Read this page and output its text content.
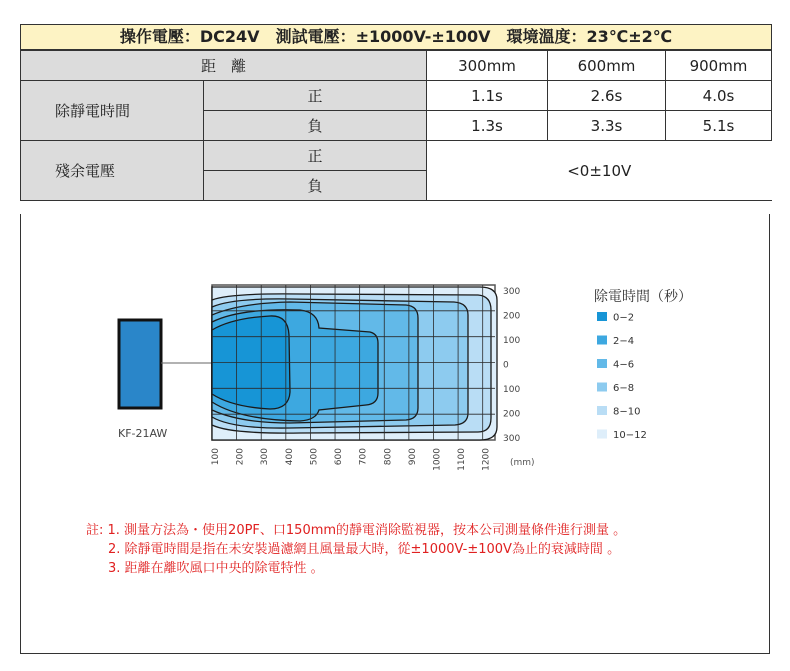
操作電壓：DC24V　測試電壓：±1000V-±100V　環境溫度：23℃±2℃
距　離		300mm	600mm	900mm
除靜電時間	正	1.1s	2.6s	4.0s
	負	1.3s	3.3s	5.1s
殘余電壓	正	<0±10V		
	負			
KF-21AW
300
200
100
0
100
200
300
100 200 300 400 500 600 700 800 900 1000 1100 1200 (mm)
除電時間（秒）
0−2
2−4
4−6
6−8
8−10
10−12
註: 1. 測量方法為・使用20PF、口150mm的靜電消除監視器，按本公司測量條件進行測量 。
2. 除靜電時間是指在未安裝過濾網且風量最大時，從±1000V-±100V為止的衰減時間 。
3. 距離在離吹風口中央的除電特性 。
